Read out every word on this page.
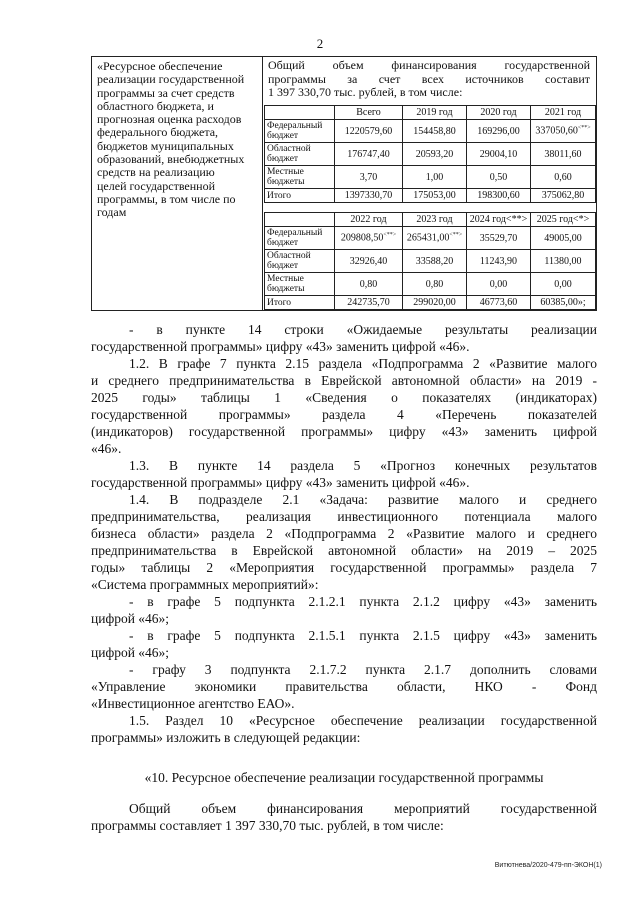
2
«Ресурсное обеспечение
реализации государственной
программы за счет средств
областного бюджета, и
прогнозная оценка расходов
федерального бюджета,
бюджетов муниципальных
образований, внебюджетных
средств на реализацию
целей государственной
программы, в том числе по
годам
Общий объем финансирования государственной
программы за счет всех источников составит
1 397 330,70 тыс. рублей, в том числе:
	Всего	2019 год	2020 год	2021 год
Федеральный бюджет	1220579,60	154458,80	169296,00	337050,60<**>
Областной бюджет	176747,40	20593,20	29004,10	38011,60
Местные бюджеты	3,70	1,00	0,50	0,60
Итого	1397330,70	175053,00	198300,60	375062,80
	2022 год	2023 год	2024 год<**>	2025 год<*>
Федеральный бюджет	209808,50<**>	265431,00<**>	35529,70	49005,00
Областной бюджет	32926,40	33588,20	11243,90	11380,00
Местные бюджеты	0,80	0,80	0,00	0,00
Итого	242735,70	299020,00	46773,60	60385,00»;
- в пункте 14 строки «Ожидаемые результаты реализации
государственной программы» цифру «43» заменить цифрой «46».
1.2. В графе 7 пункта 2.15 раздела «Подпрограмма 2 «Развитие малого
и среднего предпринимательства в Еврейской автономной области» на 2019 -
2025 годы» таблицы 1 «Сведения о показателях (индикаторах)
государственной программы» раздела 4 «Перечень показателей
(индикаторов) государственной программы» цифру «43» заменить цифрой
«46».
1.3. В пункте 14 раздела 5 «Прогноз конечных результатов
государственной программы» цифру «43» заменить цифрой «46».
1.4. В подразделе 2.1 «Задача: развитие малого и среднего
предпринимательства, реализация инвестиционного потенциала малого
бизнеса области» раздела 2 «Подпрограмма 2 «Развитие малого и среднего
предпринимательства в Еврейской автономной области» на 2019 – 2025
годы» таблицы 2 «Мероприятия государственной программы» раздела 7
«Система программных мероприятий»:
- в графе 5 подпункта 2.1.2.1 пункта 2.1.2 цифру «43» заменить
цифрой «46»;
- в графе 5 подпункта 2.1.5.1 пункта 2.1.5 цифру «43» заменить
цифрой «46»;
- графу 3 подпункта 2.1.7.2 пункта 2.1.7 дополнить словами
«Управление экономики правительства области, НКО - Фонд
«Инвестиционное агентство ЕАО».
1.5. Раздел 10 «Ресурсное обеспечение реализации государственной
программы» изложить в следующей редакции:
«10. Ресурсное обеспечение реализации государственной программы
Общий объем финансирования мероприятий государственной
программы составляет 1 397 330,70 тыс. рублей, в том числе:
Витютнева/2020-479-пп-ЭКОН(1)
